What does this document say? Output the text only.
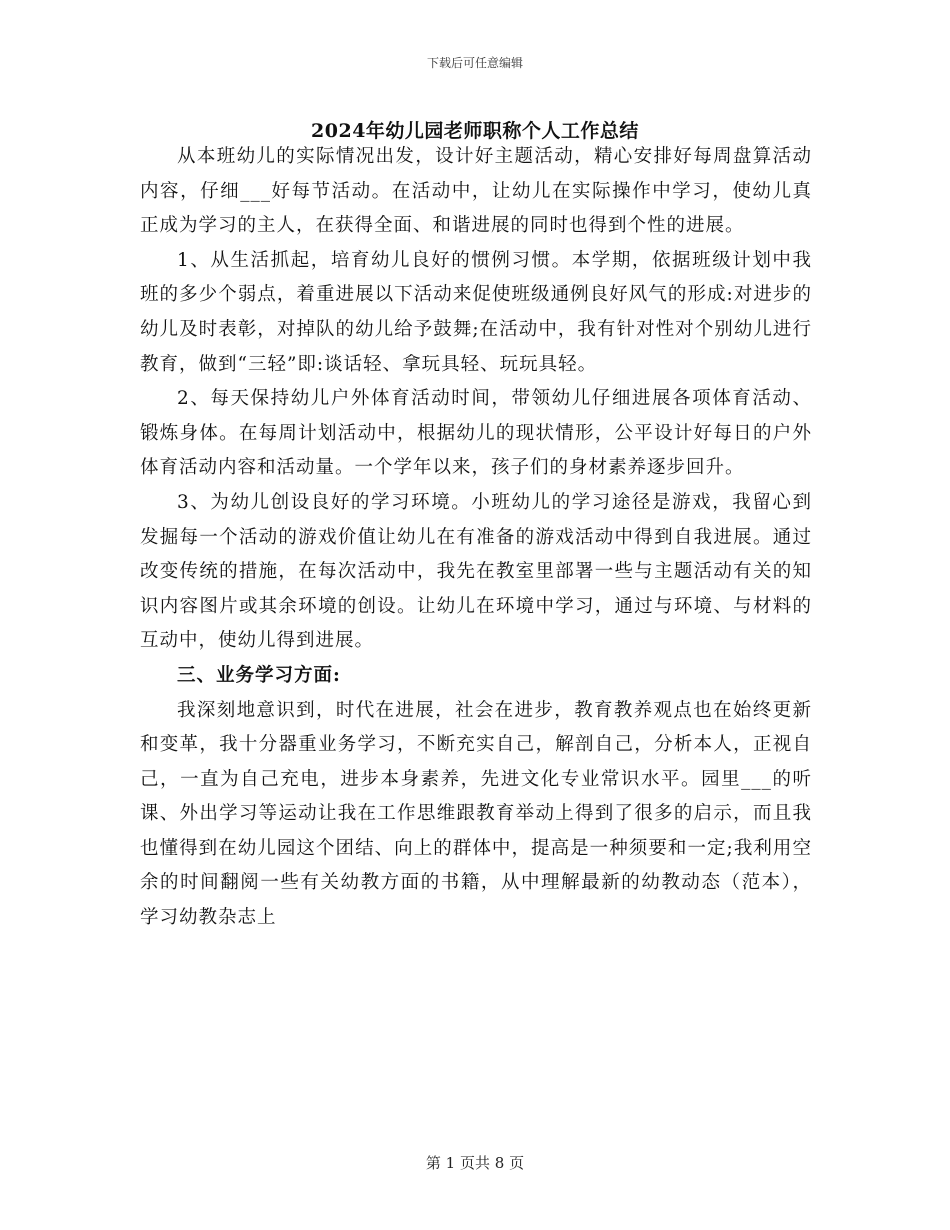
下载后可任意编辑
2024年幼儿园老师职称个人工作总结

从本班幼儿的实际情况出发，设计好主题活动，精心安排好每周盘算活动内容，仔细___好每节活动。在活动中，让幼儿在实际操作中学习，使幼儿真正成为学习的主人，在获得全面、和谐进展的同时也得到个性的进展。

1、从生活抓起，培育幼儿良好的惯例习惯。本学期，依据班级计划中我班的多少个弱点，着重进展以下活动来促使班级通例良好风气的形成:对进步的幼儿及时表彰，对掉队的幼儿给予鼓舞;在活动中，我有针对性对个别幼儿进行教育，做到“三轻”即:谈话轻、拿玩具轻、玩玩具轻。

2、每天保持幼儿户外体育活动时间，带领幼儿仔细进展各项体育活动、锻炼身体。在每周计划活动中，根据幼儿的现状情形，公平设计好每日的户外体育活动内容和活动量。一个学年以来，孩子们的身材素养逐步回升。

3、为幼儿创设良好的学习环境。小班幼儿的学习途径是游戏，我留心到发掘每一个活动的游戏价值让幼儿在有准备的游戏活动中得到自我进展。通过改变传统的措施，在每次活动中，我先在教室里部署一些与主题活动有关的知识内容图片或其余环境的创设。让幼儿在环境中学习，通过与环境、与材料的互动中，使幼儿得到进展。

三、业务学习方面:

我深刻地意识到，时代在进展，社会在进步，教育教养观点也在始终更新和变革，我十分器重业务学习，不断充实自己，解剖自己，分析本人，正视自己，一直为自己充电，进步本身素养，先进文化专业常识水平。园里___的听课、外出学习等运动让我在工作思维跟教育举动上得到了很多的启示，而且我也懂得到在幼儿园这个团结、向上的群体中，提高是一种须要和一定;我利用空余的时间翻阅一些有关幼教方面的书籍，从中理解最新的幼教动态（范本），学习幼教杂志上

第 1 页共 8 页
